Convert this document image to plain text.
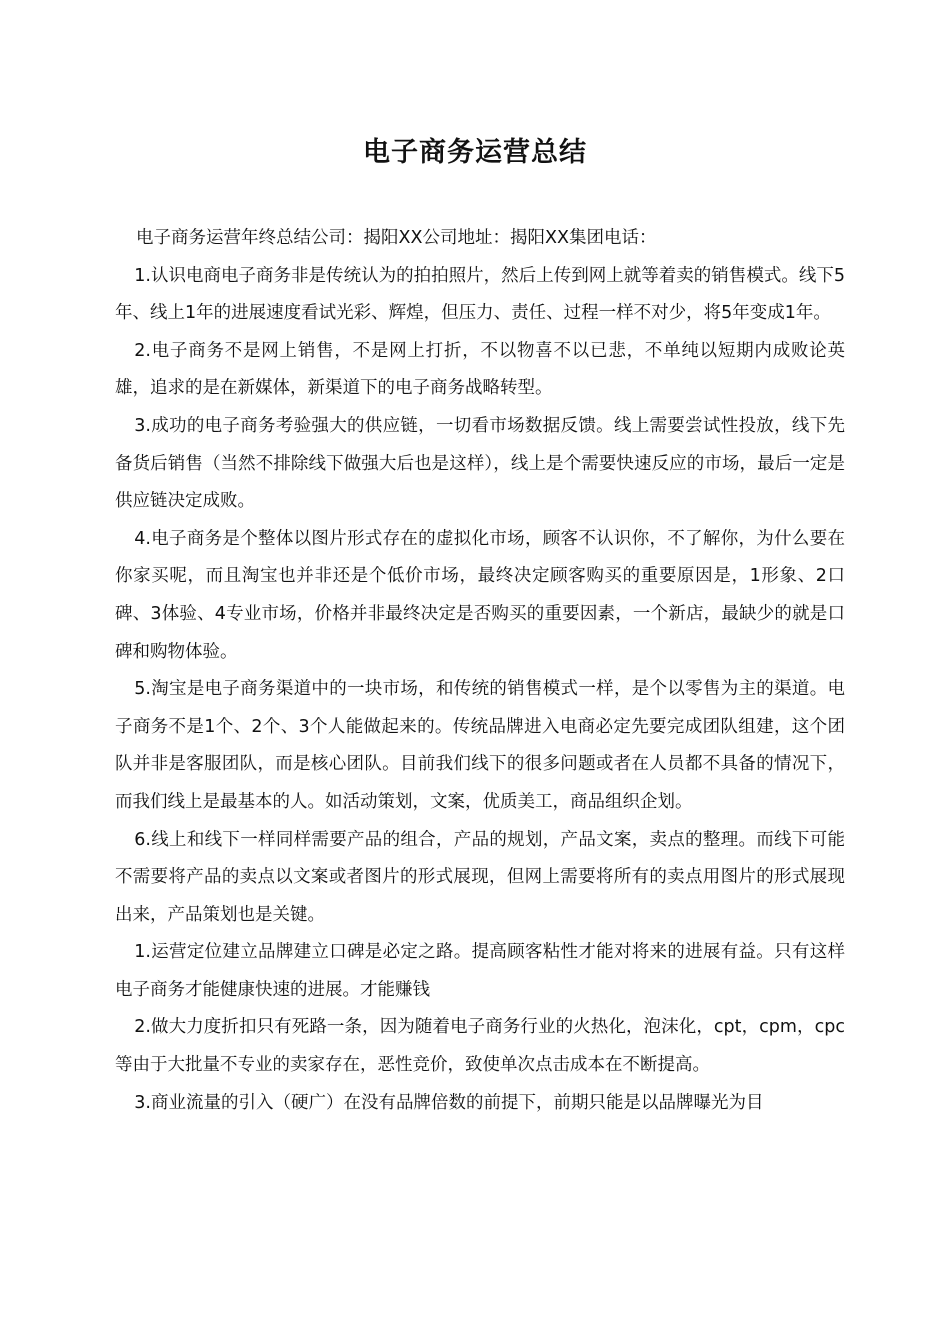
电子商务运营总结

电子商务运营年终总结公司：揭阳XX公司地址：揭阳XX集团电话：

1.认识电商电子商务非是传统认为的拍拍照片，然后上传到网上就等着卖的销售模式。线下5年、线上1年的进展速度看试光彩、辉煌，但压力、责任、过程一样不对少，将5年变成1年。

2.电子商务不是网上销售，不是网上打折，不以物喜不以已悲，不单纯以短期内成败论英雄，追求的是在新媒体，新渠道下的电子商务战略转型。

3.成功的电子商务考验强大的供应链，一切看市场数据反馈。线上需要尝试性投放，线下先备货后销售（当然不排除线下做强大后也是这样），线上是个需要快速反应的市场，最后一定是供应链决定成败。

4.电子商务是个整体以图片形式存在的虚拟化市场，顾客不认识你，不了解你，为什么要在你家买呢，而且淘宝也并非还是个低价市场，最终决定顾客购买的重要原因是，1形象、2口碑、3体验、4专业市场，价格并非最终决定是否购买的重要因素，一个新店，最缺少的就是口碑和购物体验。

5.淘宝是电子商务渠道中的一块市场，和传统的销售模式一样，是个以零售为主的渠道。电子商务不是1个、2个、3个人能做起来的。传统品牌进入电商必定先要完成团队组建，这个团队并非是客服团队，而是核心团队。目前我们线下的很多问题或者在人员都不具备的情况下，而我们线上是最基本的人。如活动策划，文案，优质美工，商品组织企划。

6.线上和线下一样同样需要产品的组合，产品的规划，产品文案，卖点的整理。而线下可能不需要将产品的卖点以文案或者图片的形式展现，但网上需要将所有的卖点用图片的形式展现出来，产品策划也是关键。

1.运营定位建立品牌建立口碑是必定之路。提高顾客粘性才能对将来的进展有益。只有这样电子商务才能健康快速的进展。才能赚钱

2.做大力度折扣只有死路一条，因为随着电子商务行业的火热化，泡沫化，cpt，cpm，cpc等由于大批量不专业的卖家存在，恶性竞价，致使单次点击成本在不断提高。

3.商业流量的引入（硬广）在没有品牌倍数的前提下，前期只能是以品牌曝光为目
